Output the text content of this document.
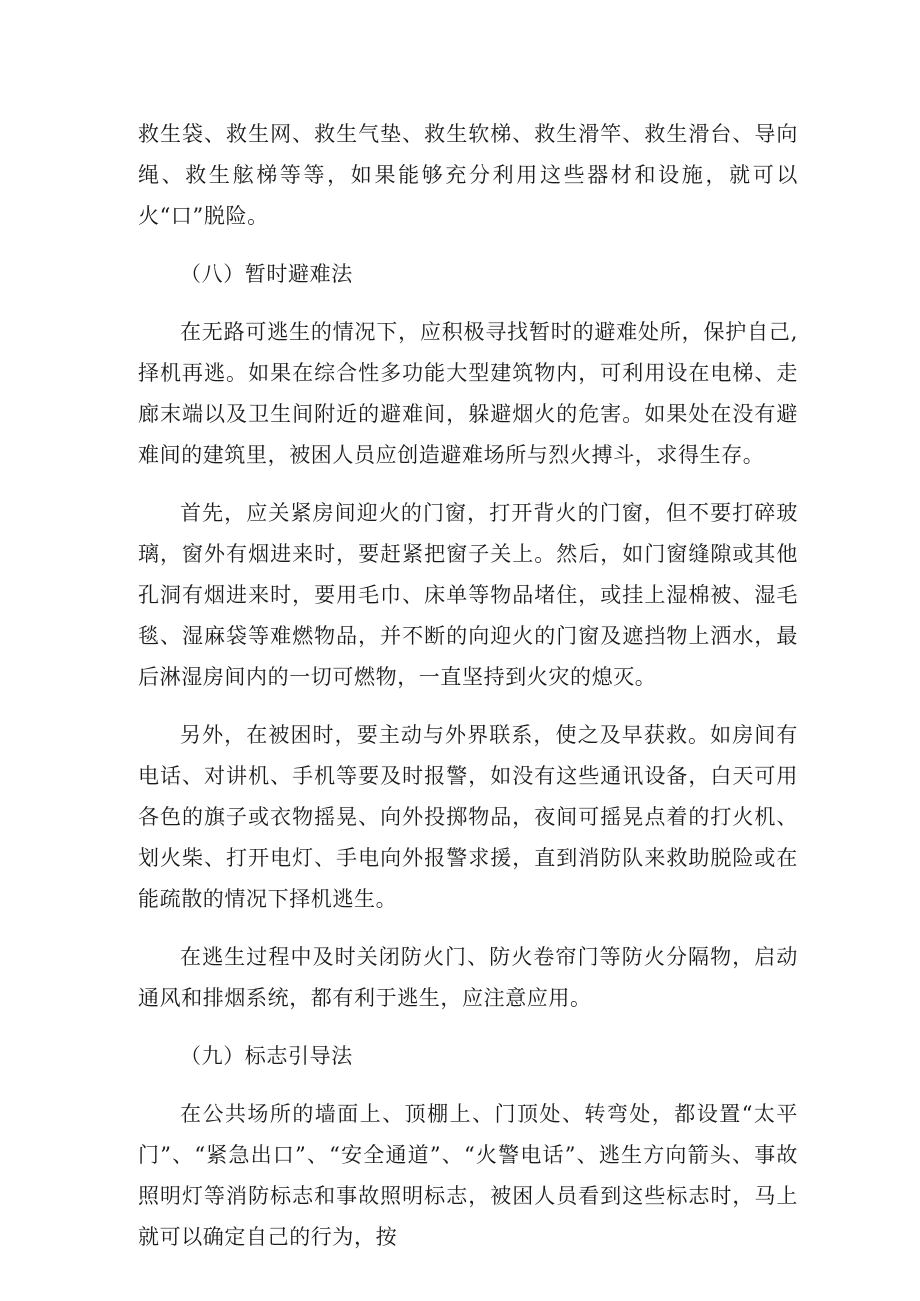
救生袋、救生网、救生气垫、救生软梯、救生滑竿、救生滑台、导向绳、救生舷梯等等，如果能够充分利用这些器材和设施，就可以火“口”脱险。

（八）暂时避难法

在无路可逃生的情况下，应积极寻找暂时的避难处所，保护自己,择机再逃。如果在综合性多功能大型建筑物内，可利用设在电梯、走廊末端以及卫生间附近的避难间，躲避烟火的危害。如果处在没有避难间的建筑里，被困人员应创造避难场所与烈火搏斗，求得生存。

首先，应关紧房间迎火的门窗，打开背火的门窗，但不要打碎玻璃，窗外有烟进来时，要赶紧把窗子关上。然后，如门窗缝隙或其他孔洞有烟进来时，要用毛巾、床单等物品堵住，或挂上湿棉被、湿毛毯、湿麻袋等难燃物品，并不断的向迎火的门窗及遮挡物上洒水，最后淋湿房间内的一切可燃物，一直坚持到火灾的熄灭。

另外，在被困时，要主动与外界联系，使之及早获救。如房间有电话、对讲机、手机等要及时报警，如没有这些通讯设备，白天可用各色的旗子或衣物摇晃、向外投掷物品，夜间可摇晃点着的打火机、划火柴、打开电灯、手电向外报警求援，直到消防队来救助脱险或在能疏散的情况下择机逃生。

在逃生过程中及时关闭防火门、防火卷帘门等防火分隔物，启动通风和排烟系统，都有利于逃生，应注意应用。

（九）标志引导法

在公共场所的墙面上、顶棚上、门顶处、转弯处，都设置“太平门”、“紧急出口”、“安全通道”、“火警电话”、逃生方向箭头、事故照明灯等消防标志和事故照明标志，被困人员看到这些标志时，马上就可以确定自己的行为，按
